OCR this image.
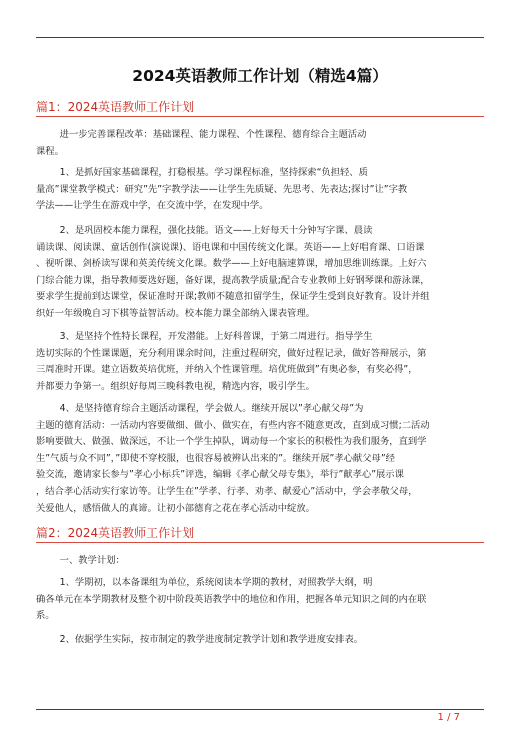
2024英语教师工作计划（精选4篇）
篇1：2024英语教师工作计划
进一步完善课程改革：基础课程、能力课程、个性课程、德育综合主题活动
课程。
1、是抓好国家基础课程，打稳根基。学习课程标准，坚持探索“负担轻、质
量高”课堂教学模式：研究”先”字教学法——让学生先质疑、先思考、先表达;探讨”让”字教
学法——让学生在游戏中学，在交流中学，在发现中学。
2、是巩固校本能力课程，强化技能。语文——上好每天十分钟写字课、晨读
诵读课、阅读课、童话创作(演说课)、语电课和中国传统文化课。英语——上好唱育课、口语课
、视听课、剑桥读写课和英美传统文化课。数学——上好电脑速算课，增加思维训练课。上好六
门综合能力课，指导教师要选好题，备好课，提高教学质量;配合专业教师上好钢琴课和游泳课，
要求学生提前到达课堂，保证准时开课;教师不随意扣留学生，保证学生受到良好教育。设计并组
织好一年级晚自习下棋等益智活动。校本能力课全部纳入课表管理。
3、是坚持个性特长课程，开发潜能。上好科普课，于第二周进行。指导学生
选切实际的个性课课题，充分利用课余时间，注重过程研究，做好过程记录，做好答辩展示，第
三周准时开课。建立语数英培优班，并纳入个性课管理。培优班做到”有奥必参，有奖必得”，
并都要力争第一。组织好每周三晚科教电视，精选内容，吸引学生。
4、是坚持德育综合主题活动课程，学会做人。继续开展以”孝心献父母”为
主题的德育活动：一活动内容要做细、做小、做实在，有些内容不随意更改，直到成习惯;二活动
影响要做大、做强、做深远，不让一个学生掉队，调动每一个家长的积极性为我们服务，直到学
生”气质与众不同”，”即使不穿校服，也很容易被辨认出来的”。继续开展”孝心献父母”经
验交流，邀请家长参与”孝心小标兵”评选，编辑《孝心献父母专集》，举行”献孝心”展示课
，结合孝心活动实行家访等。让学生在”学孝、行孝、劝孝、献爱心”活动中，学会孝敬父母，
关爱他人，感悟做人的真谛。让初小部德育之花在孝心活动中绽放。
篇2：2024英语教师工作计划
一、教学计划：
1、学期初，以本备课组为单位，系统阅读本学期的教材，对照教学大纲，明
确各单元在本学期教材及整个初中阶段英语教学中的地位和作用，把握各单元知识之间的内在联
系。
2、依据学生实际，按市制定的教学进度制定教学计划和教学进度安排表。
1 / 7
